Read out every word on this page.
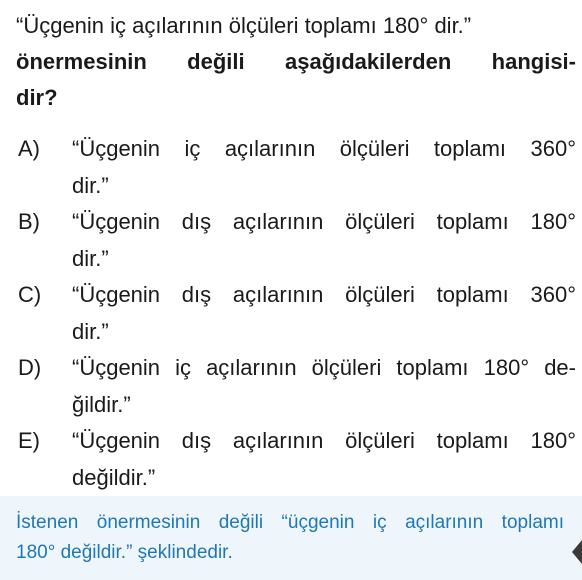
“Üçgenin iç açılarının ölçüleri toplamı 180° dir.”
önermesinin değili aşağıdakilerden hangisi-
dir?
A)	“Üçgenin iç açılarının ölçüleri toplamı 360°
dir.”
B)	“Üçgenin dış açılarının ölçüleri toplamı 180°
dir.”
C)	“Üçgenin dış açılarının ölçüleri toplamı 360°
dir.”
D)	“Üçgenin iç açılarının ölçüleri toplamı 180° de-
ğildir.”
E)	“Üçgenin dış açılarının ölçüleri toplamı 180°
değildir.”
İstenen önermesinin değili “üçgenin iç açılarının toplamı
180° değildir.” şeklindedir.
